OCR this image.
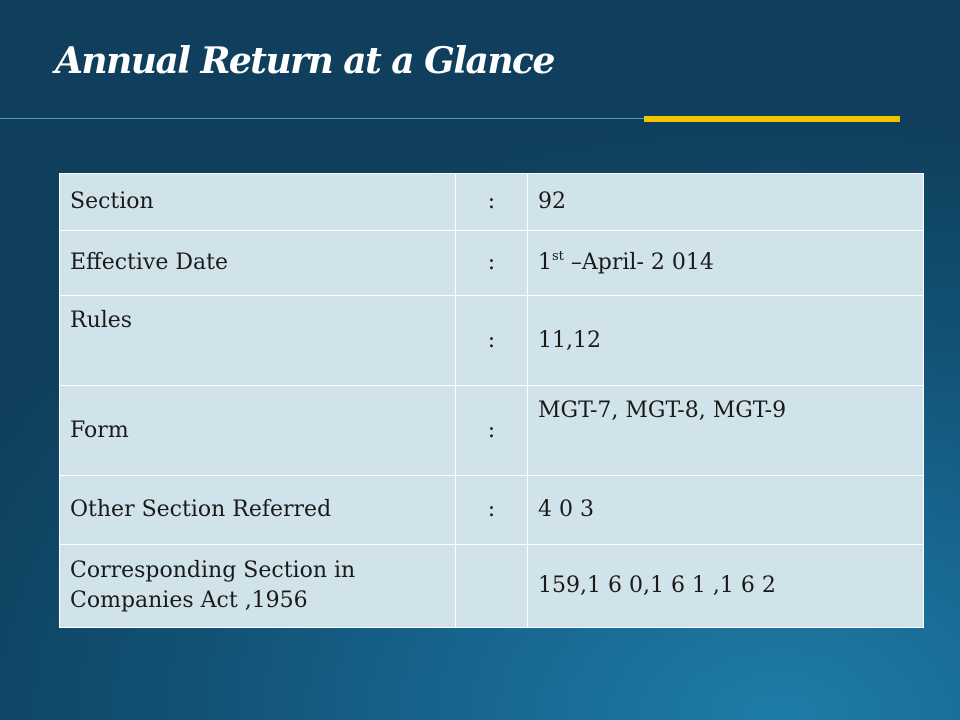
Annual Return at a Glance
Section	:	92
Effective Date	:	1st –April- 2 014
Rules	:	11,12
Form	:	MGT-7, MGT-8, MGT-9
Other Section Referred	:	4 0 3
Corresponding Section in Companies Act ,1956		159,1 6 0,1 6 1 ,1 6 2
